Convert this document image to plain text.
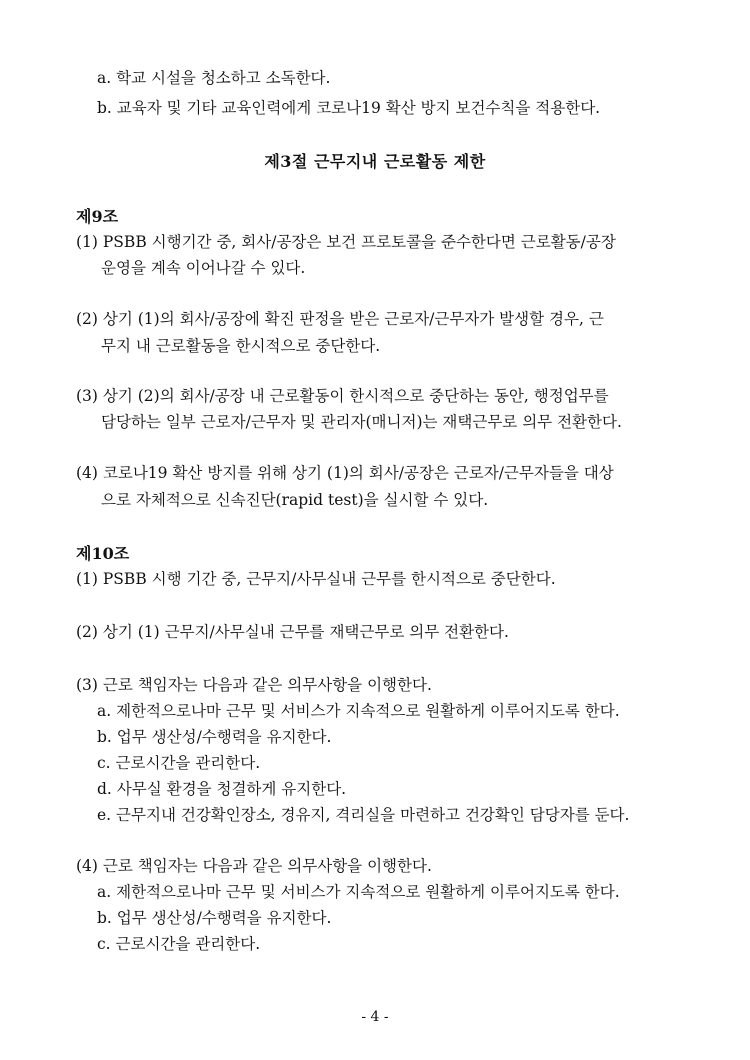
a. 학교 시설을 청소하고 소독한다.
b. 교육자 및 기타 교육인력에게 코로나19 확산 방지 보건수칙을 적용한다.
제3절 근무지내 근로활동 제한
제9조
(1) PSBB 시행기간 중, 회사/공장은 보건 프로토콜을 준수한다면 근로활동/공장
운영을 계속 이어나갈 수 있다.
(2) 상기 (1)의 회사/공장에 확진 판정을 받은 근로자/근무자가 발생할 경우, 근
무지 내 근로활동을 한시적으로 중단한다.
(3) 상기 (2)의 회사/공장 내 근로활동이 한시적으로 중단하는 동안, 행정업무를
담당하는 일부 근로자/근무자 및 관리자(매니저)는 재택근무로 의무 전환한다.
(4) 코로나19 확산 방지를 위해 상기 (1)의 회사/공장은 근로자/근무자들을 대상
으로 자체적으로 신속진단(rapid test)을 실시할 수 있다.
제10조
(1) PSBB 시행 기간 중, 근무지/사무실내 근무를 한시적으로 중단한다.
(2) 상기 (1) 근무지/사무실내 근무를 재택근무로 의무 전환한다.
(3) 근로 책임자는 다음과 같은 의무사항을 이행한다.
a. 제한적으로나마 근무 및 서비스가 지속적으로 원활하게 이루어지도록 한다.
b. 업무 생산성/수행력을 유지한다.
c. 근로시간을 관리한다.
d. 사무실 환경을 청결하게 유지한다.
e. 근무지내 건강확인장소, 경유지, 격리실을 마련하고 건강확인 담당자를 둔다.
(4) 근로 책임자는 다음과 같은 의무사항을 이행한다.
a. 제한적으로나마 근무 및 서비스가 지속적으로 원활하게 이루어지도록 한다.
b. 업무 생산성/수행력을 유지한다.
c. 근로시간을 관리한다.
- 4 -
